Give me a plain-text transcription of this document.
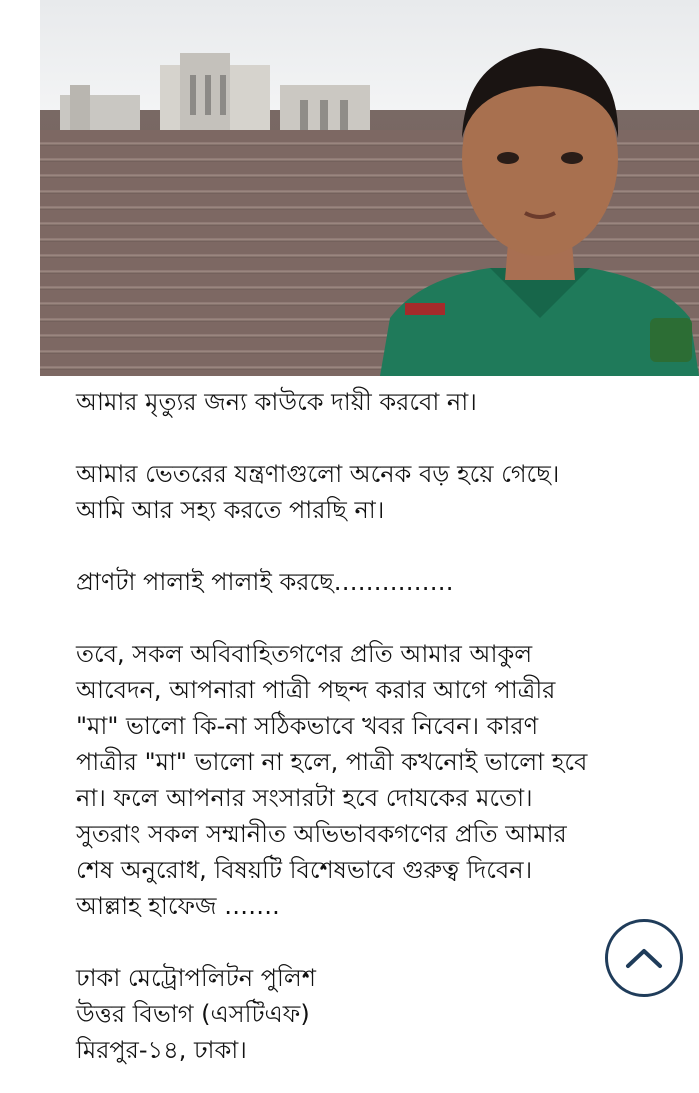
আমার মৃত্যুর জন্য কাউকে দায়ী করবো না।

আমার ভেতরের যন্ত্রণাগুলো অনেক বড় হয়ে গেছে।
আমি আর সহ্য করতে পারছি না।

প্রাণটা পালাই পালাই করছে……………

তবে, সকল অবিবাহিতগণের প্রতি আমার আকুল
আবেদন, আপনারা পাত্রী পছন্দ করার আগে পাত্রীর
"মা" ভালো কি-না সঠিকভাবে খবর নিবেন। কারণ
পাত্রীর "মা" ভালো না হলে, পাত্রী কখনোই ভালো হবে
না। ফলে আপনার সংসারটা হবে দোযকের মতো।
সুতরাং সকল সম্মানীত অভিভাবকগণের প্রতি আমার
শেষ অনুরোধ, বিষয়টি বিশেষভাবে গুরুত্ব দিবেন।
আল্লাহ হাফেজ …….

ঢাকা মেট্রোপলিটন পুলিশ
উত্তর বিভাগ (এসটিএফ)
মিরপুর-১৪, ঢাকা।
